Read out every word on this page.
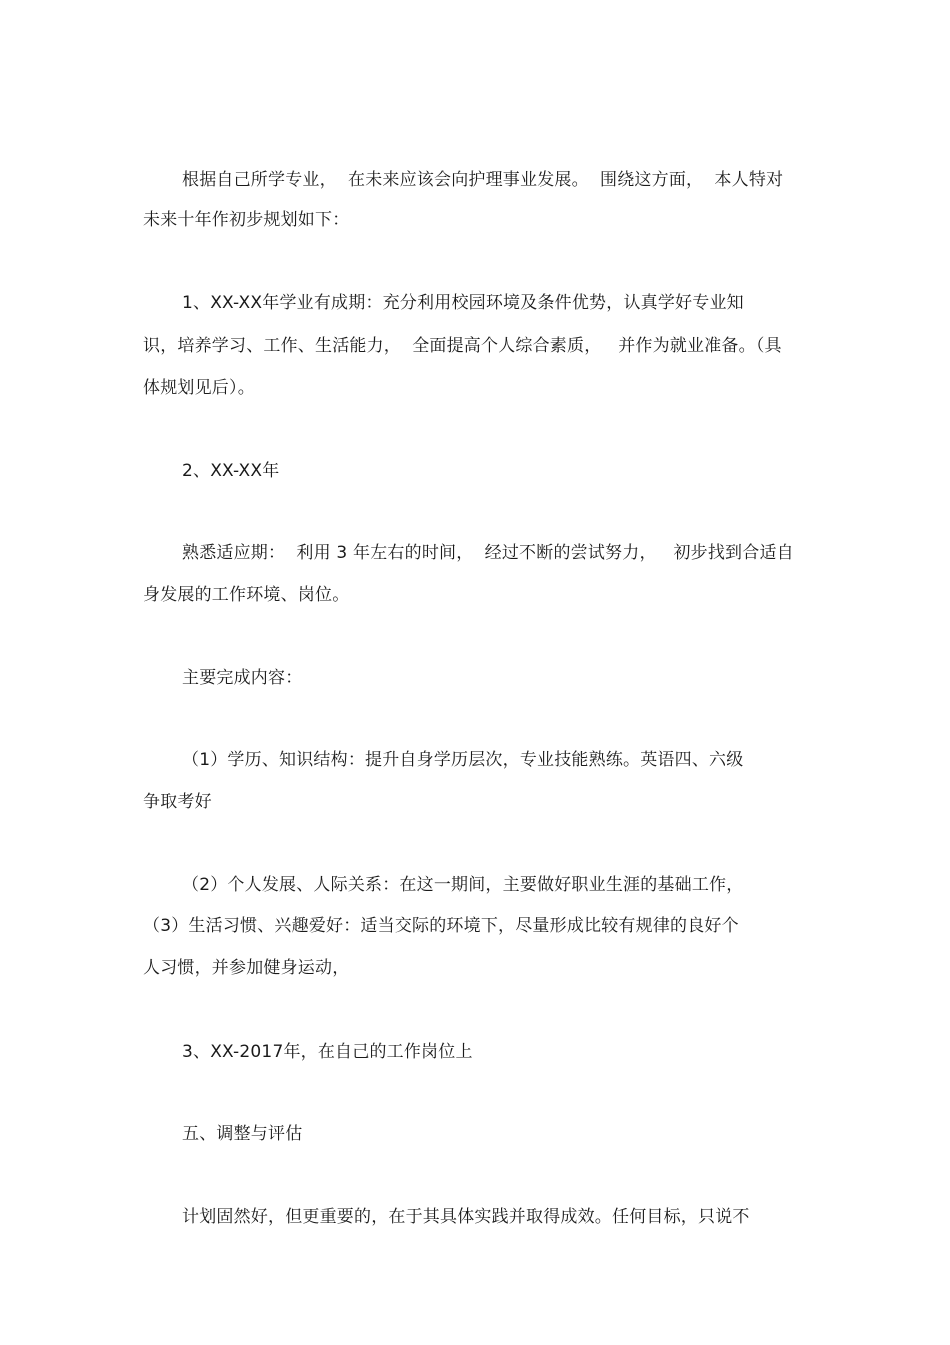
根据自己所学专业，  在未来应该会向护理事业发展。  围绕这方面，  本人特对
未来十年作初步规划如下：
1、XX-XX年学业有成期：充分利用校园环境及条件优势，认真学好专业知
识，培养学习、工作、生活能力，  全面提高个人综合素质，   并作为就业准备。（具
体规划见后）。
2、XX-XX年
熟悉适应期：  利用 3 年左右的时间，  经过不断的尝试努力，   初步找到合适自
身发展的工作环境、岗位。
主要完成内容：
（1）学历、知识结构：提升自身学历层次，专业技能熟练。英语四、六级
争取考好
（2）个人发展、人际关系：在这一期间，主要做好职业生涯的基础工作，
（3）生活习惯、兴趣爱好：适当交际的环境下，尽量形成比较有规律的良好个
人习惯，并参加健身运动，
3、XX-2017年，在自己的工作岗位上
五、调整与评估
计划固然好，但更重要的，在于其具体实践并取得成效。任何目标，只说不
